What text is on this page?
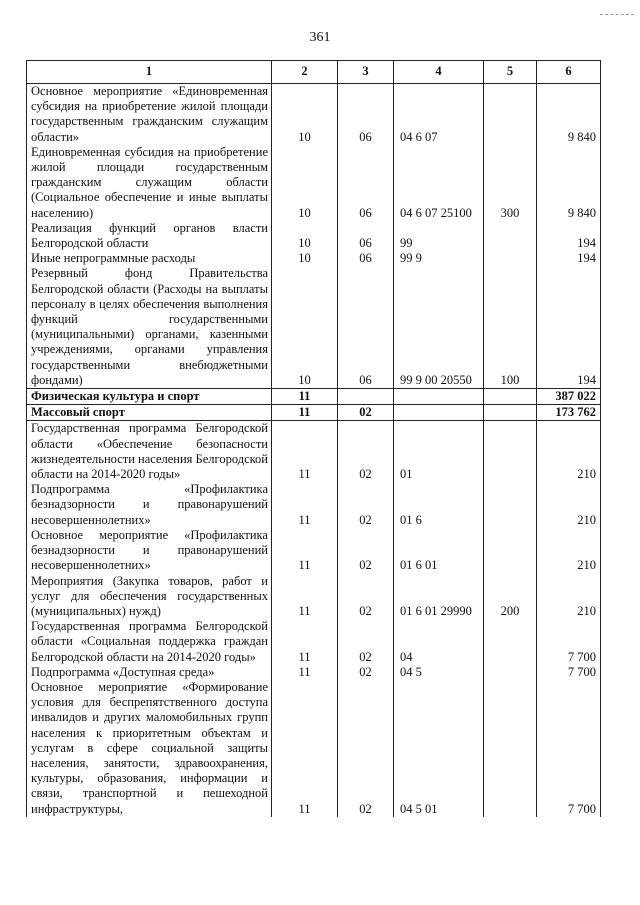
361
1	2	3	4	5	6
Основное мероприятие «Единовременная субсидия на приобретение жилой площади государственным гражданским служащим области»	10	06	04 6 07		9 840
Единовременная субсидия на приобретение жилой площади государственным гражданским служащим области (Социальное обеспечение и иные выплаты населению)	10	06	04 6 07 25100	300	9 840
Реализация функций органов власти Белгородской области	10	06	99		194
Иные непрограммные расходы	10	06	99 9		194
Резервный фонд Правительства Белгородской области (Расходы на выплаты персоналу в целях обеспечения выполнения функций государственными (муниципальными) органами, казенными учреждениями, органами управления государственными внебюджетными фондами)	10	06	99 9 00 20550	100	194
Физическая культура и спорт	11				387 022
Массовый спорт	11	02			173 762
Государственная программа Белгородской области «Обеспечение безопасности жизнедеятельности населения Белгородской области на 2014-2020 годы»	11	02	01		210
Подпрограмма «Профилактика безнадзорности и правонарушений несовершеннолетних»	11	02	01 6		210
Основное мероприятие «Профилактика безнадзорности и правонарушений несовершеннолетних»	11	02	01 6 01		210
Мероприятия (Закупка товаров, работ и услуг для обеспечения государственных (муниципальных) нужд)	11	02	01 6 01 29990	200	210
Государственная программа Белгородской области «Социальная поддержка граждан Белгородской области на 2014-2020 годы»	11	02	04		7 700
Подпрограмма «Доступная среда»	11	02	04 5		7 700
Основное мероприятие «Формирование условия для беспрепятственного доступа инвалидов и других маломобильных групп населения к приоритетным объектам и услугам в сфере социальной защиты населения, занятости, здравоохранения, культуры, образования, информации и связи, транспортной и пешеходной инфраструктуры,	11	02	04 5 01		7 700
